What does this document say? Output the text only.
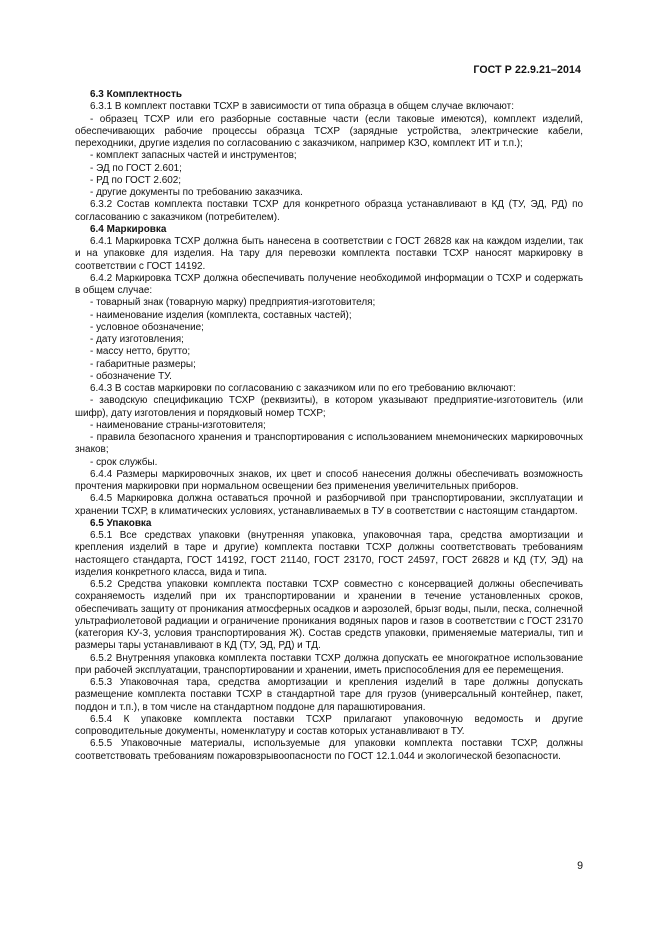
ГОСТ Р 22.9.21–2014

6.3 Комплектность

6.3.1 В комплект поставки ТСХР в зависимости от типа образца в общем случае включают:

- образец ТСХР или его разборные составные части (если таковые имеются), комплект изделий, обеспечивающих рабочие процессы образца ТСХР (зарядные устройства, электрические кабели, переходники, другие изделия по согласованию с заказчиком, например КЗО, комплект ИТ и т.п.);

- комплект запасных частей и инструментов;

- ЭД по ГОСТ 2.601;

- РД по ГОСТ 2.602;

- другие документы по требованию заказчика.

6.3.2 Состав комплекта поставки ТСХР для конкретного образца устанавливают в КД (ТУ, ЭД, РД) по согласованию с заказчиком (потребителем).

6.4 Маркировка

6.4.1 Маркировка ТСХР должна быть нанесена в соответствии с ГОСТ 26828 как на каждом изделии, так и на упаковке для изделия. На тару для перевозки комплекта поставки ТСХР наносят маркировку в соответствии с ГОСТ 14192.

6.4.2 Маркировка ТСХР должна обеспечивать получение необходимой информации о ТСХР и содержать в общем случае:

- товарный знак (товарную марку) предприятия-изготовителя;

- наименование изделия (комплекта, составных частей);

- условное обозначение;

- дату изготовления;

- массу нетто, брутто;

- габаритные размеры;

- обозначение ТУ.

6.4.3 В состав маркировки по согласованию с заказчиком или по его требованию включают:

- заводскую спецификацию ТСХР (реквизиты), в котором указывают предприятие-изготовитель (или шифр), дату изготовления и порядковый номер ТСХР;

- наименование страны-изготовителя;

- правила безопасного хранения и транспортирования с использованием мнемонических маркировочных знаков;

- срок службы.

6.4.4 Размеры маркировочных знаков, их цвет и способ нанесения должны обеспечивать возможность прочтения маркировки при нормальном освещении без применения увеличительных приборов.

6.4.5 Маркировка должна оставаться прочной и разборчивой при транспортировании, эксплуатации и хранении ТСХР, в климатических условиях, устанавливаемых в ТУ в соответствии с настоящим стандартом.

6.5 Упаковка

6.5.1 Все средствах упаковки (внутренняя упаковка, упаковочная тара, средства амортизации и крепления изделий в таре и другие) комплекта поставки ТСХР должны соответствовать требованиям настоящего стандарта, ГОСТ 14192, ГОСТ 21140, ГОСТ 23170, ГОСТ 24597, ГОСТ 26828 и КД (ТУ, ЭД) на изделия конкретного класса, вида и типа.

6.5.2 Средства упаковки комплекта поставки ТСХР совместно с консервацией должны обеспечивать сохраняемость изделий при их транспортировании и хранении в течение установленных сроков, обеспечивать защиту от проникания атмосферных осадков и аэрозолей, брызг воды, пыли, песка, солнечной ультрафиолетовой радиации и ограничение проникания водяных паров и газов в соответствии с ГОСТ 23170 (категория КУ-3, условия транспортирования Ж). Состав средств упаковки, применяемые материалы, тип и размеры тары устанавливают в КД (ТУ, ЭД, РД) и ТД.

6.5.2 Внутренняя упаковка комплекта поставки ТСХР должна допускать ее многократное использование при рабочей эксплуатации, транспортировании и хранении, иметь приспособления для ее перемещения.

6.5.3 Упаковочная тара, средства амортизации и крепления изделий в таре должны допускать размещение комплекта поставки ТСХР в стандартной таре для грузов (универсальный контейнер, пакет, поддон и т.п.), в том числе на стандартном поддоне для парашютирования.

6.5.4 К упаковке комплекта поставки ТСХР прилагают упаковочную ведомость и другие сопроводительные документы, номенклатуру и состав которых устанавливают в ТУ.

6.5.5 Упаковочные материалы, используемые для упаковки комплекта поставки ТСХР, должны соответствовать требованиям пожаровзрывоопасности по ГОСТ 12.1.044 и экологической безопасности.

9
